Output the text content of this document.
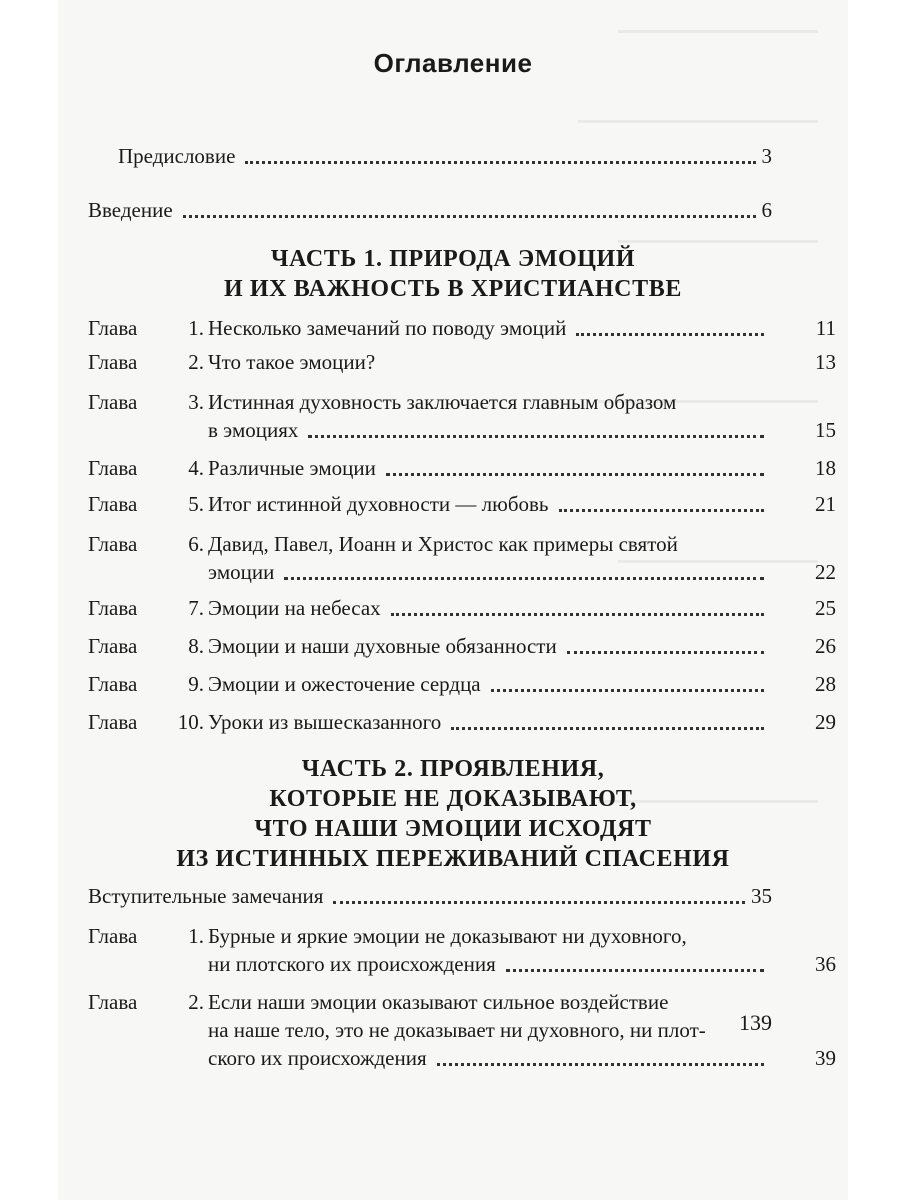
Оглавление
Предисловие	3
Введение	6
ЧАСТЬ 1. ПРИРОДА ЭМОЦИЙ
И ИХ ВАЖНОСТЬ В ХРИСТИАНСТВЕ
Глава	1. Несколько замечаний по поводу эмоций	11
Глава	2. Что такое эмоции?	13
Глава	3. Истинная духовность заключается главным образом
в эмоциях	15
Глава	4. Различные эмоции	18
Глава	5. Итог истинной духовности — любовь	21
Глава	6. Давид, Павел, Иоанн и Христос как примеры святой
эмоции	22
Глава	7. Эмоции на небесах	25
Глава	8. Эмоции и наши духовные обязанности	26
Глава	9. Эмоции и ожесточение сердца	28
Глава	10. Уроки из вышесказанного	29
ЧАСТЬ 2. ПРОЯВЛЕНИЯ,
КОТОРЫЕ НЕ ДОКАЗЫВАЮТ,
ЧТО НАШИ ЭМОЦИИ ИСХОДЯТ
ИЗ ИСТИННЫХ ПЕРЕЖИВАНИЙ СПАСЕНИЯ
Вступительные замечания	35
Глава	1. Бурные и яркие эмоции не доказывают ни духовного,
ни плотского их происхождения	36
Глава	2. Если наши эмоции оказывают сильное воздействие
на наше тело, это не доказывает ни духовного, ни плот-
ского их происхождения	39
139
